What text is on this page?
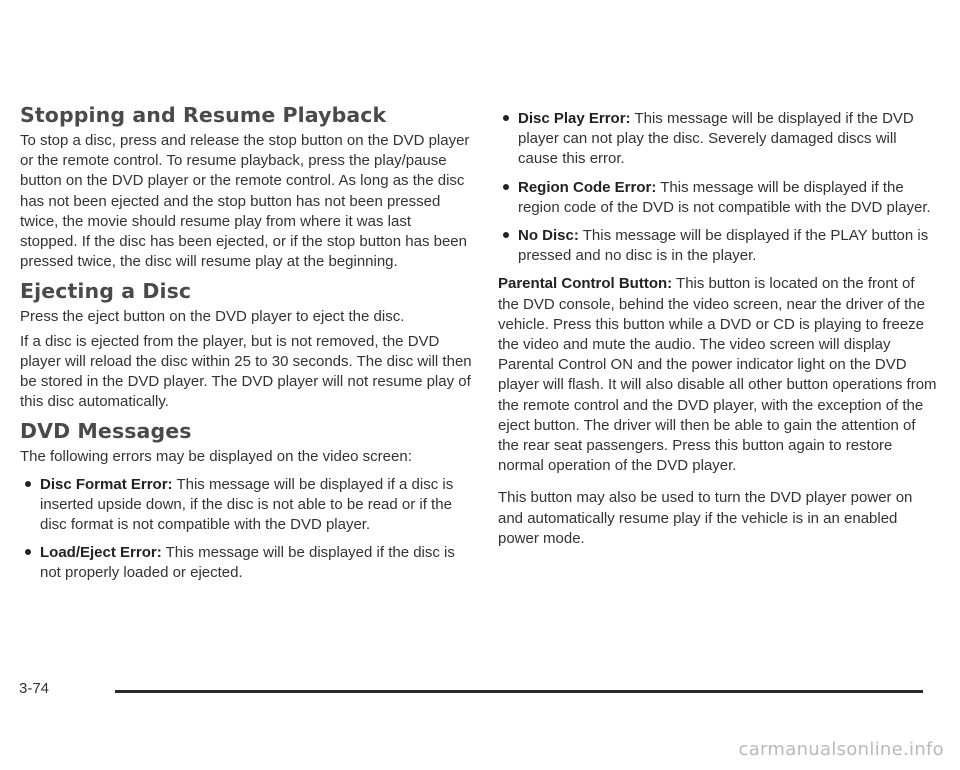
Stopping and Resume Playback

To stop a disc, press and release the stop button on the DVD player or the remote control. To resume playback, press the play/pause button on the DVD player or the remote control. As long as the disc has not been ejected and the stop button has not been pressed twice, the movie should resume play from where it was last stopped. If the disc has been ejected, or if the stop button has been pressed twice, the disc will resume play at the beginning.

Ejecting a Disc

Press the eject button on the DVD player to eject the disc.

If a disc is ejected from the player, but is not removed, the DVD player will reload the disc within 25 to 30 seconds. The disc will then be stored in the DVD player. The DVD player will not resume play of this disc automatically.

DVD Messages

The following errors may be displayed on the video screen:

Disc Format Error: This message will be displayed if a disc is inserted upside down, if the disc is not able to be read or if the disc format is not compatible with the DVD player.
Load/Eject Error: This message will be displayed if the disc is not properly loaded or ejected.
Disc Play Error: This message will be displayed if the DVD player can not play the disc. Severely damaged discs will cause this error.
Region Code Error: This message will be displayed if the region code of the DVD is not compatible with the DVD player.
No Disc: This message will be displayed if the PLAY button is pressed and no disc is in the player.

Parental Control Button: This button is located on the front of the DVD console, behind the video screen, near the driver of the vehicle. Press this button while a DVD or CD is playing to freeze the video and mute the audio. The video screen will display Parental Control ON and the power indicator light on the DVD player will flash. It will also disable all other button operations from the remote control and the DVD player, with the exception of the eject button. The driver will then be able to gain the attention of the rear seat passengers. Press this button again to restore normal operation of the DVD player.

This button may also be used to turn the DVD player power on and automatically resume play if the vehicle is in an enabled power mode.

3-74
carmanualsonline.info
